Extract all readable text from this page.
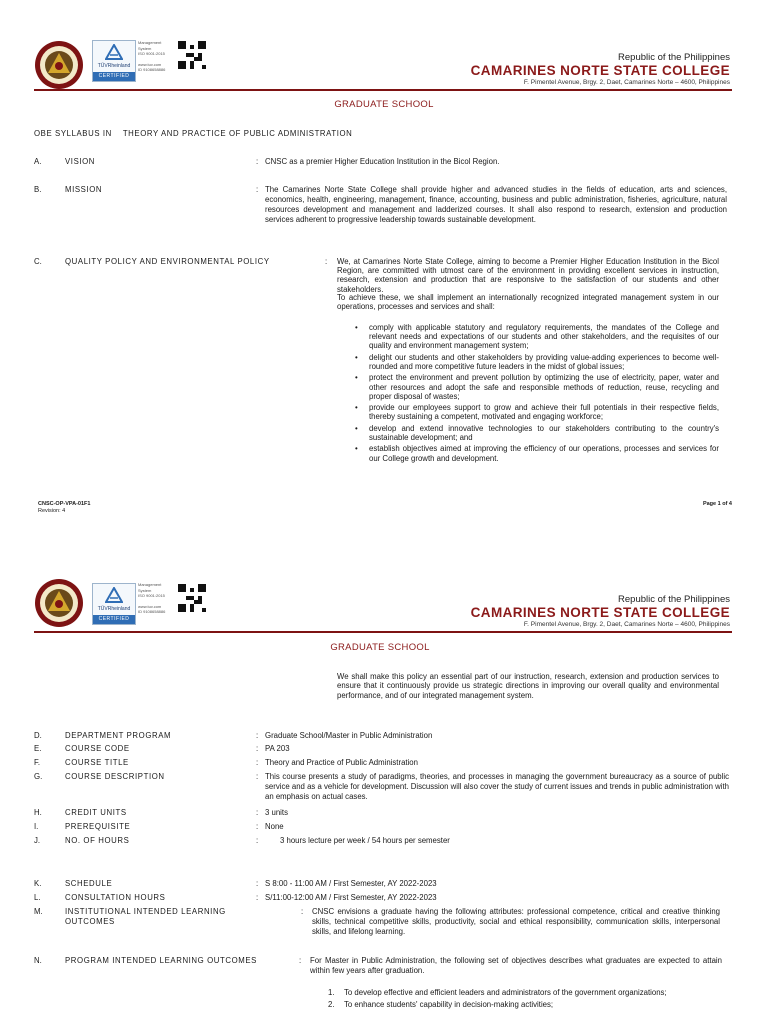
TÜVRheinland
CERTIFIED
Management
System
ISO 9001:2015
www.tuv.com
ID 9108658886
Republic of the Philippines
CAMARINES NORTE STATE COLLEGE
F. Pimentel Avenue, Brgy. 2, Daet, Camarines Norte – 4600, Philippines
GRADUATE SCHOOL
OBE SYLLABUS IN    THEORY AND PRACTICE OF PUBLIC ADMINISTRATION
A.	VISION	: CNSC as a premier Higher Education Institution in the Bicol Region.
B.	MISSION	: The Camarines Norte State College shall provide higher and advanced studies in the fields of education, arts and sciences, economics, health, engineering, management, finance, accounting, business and public administration, fisheries, agriculture, natural resources development and management and ladderized courses. It shall also respond to research, extension and production services adherent to progressive leadership towards sustainable development.
C.	QUALITY POLICY AND ENVIRONMENTAL POLICY	: We, at Camarines Norte State College, aiming to become a Premier Higher Education Institution in the Bicol Region, are committed with utmost care of the environment in providing excellent services in instruction, research, extension and production that are responsive to the satisfaction of our students and other stakeholders.
To achieve these, we shall implement an internationally recognized integrated management system in our operations, processes and services and shall:
• comply with applicable statutory and regulatory requirements, the mandates of the College and relevant needs and expectations of our students and other stakeholders, and the requisites of our quality and environment management system;
• delight our students and other stakeholders by providing value-adding experiences to become well-rounded and more competitive future leaders in the midst of global issues;
• protect the environment and prevent pollution by optimizing the use of electricity, paper, water and other resources and adopt the safe and responsible methods of reduction, reuse, recycling and proper disposal of wastes;
• provide our employees support to grow and achieve their full potentials in their respective fields, thereby sustaining a competent, motivated and engaging workforce;
• develop and extend innovative technologies to our stakeholders contributing to the country's sustainable development; and
• establish objectives aimed at improving the efficiency of our operations, processes and services for our College growth and development.
CNSC-OP-VPA-01F1
Revision: 4
Page 1 of 4
TÜVRheinland
CERTIFIED
Management
System
ISO 9001:2015
www.tuv.com
ID 9108658886
Republic of the Philippines
CAMARINES NORTE STATE COLLEGE
F. Pimentel Avenue, Brgy. 2, Daet, Camarines Norte – 4600, Philippines
GRADUATE SCHOOL
We shall make this policy an essential part of our instruction, research, extension and production services to ensure that it continuously provide us strategic directions in improving our overall quality and environmental performance, and of our integrated management system.
D.	DEPARTMENT PROGRAM	: Graduate School/Master in Public Administration
E.	COURSE CODE	: PA 203
F.	COURSE TITLE	: Theory and Practice of Public Administration
G.	COURSE DESCRIPTION	: This course presents a study of paradigms, theories, and processes in managing the government bureaucracy as a source of public service and as a vehicle for development. Discussion will also cover the study of current issues and trends in public administration with an emphasis on actual cases.
H.	CREDIT UNITS	: 3 units
I.	PREREQUISITE	: None
J.	NO. OF HOURS	:	3 hours lecture per week / 54 hours per semester
K.	SCHEDULE	: S 8:00 - 11:00 AM / First Semester, AY 2022-2023
L.	CONSULTATION HOURS	: S/11:00-12:00 AM / First Semester, AY 2022-2023
M.	INSTITUTIONAL INTENDED LEARNING OUTCOMES
: CNSC envisions a graduate having the following attributes: professional competence, critical and creative thinking skills, technical competitive skills, productivity, social and ethical responsibility, communication skills, interpersonal skills, and lifelong learning.
N.	PROGRAM INTENDED LEARNING OUTCOMES	: For Master in Public Administration, the following set of objectives describes what graduates are expected to attain within few years after graduation.
1. To develop effective and efficient leaders and administrators of the government organizations;
2. To enhance students' capability in decision-making activities;
